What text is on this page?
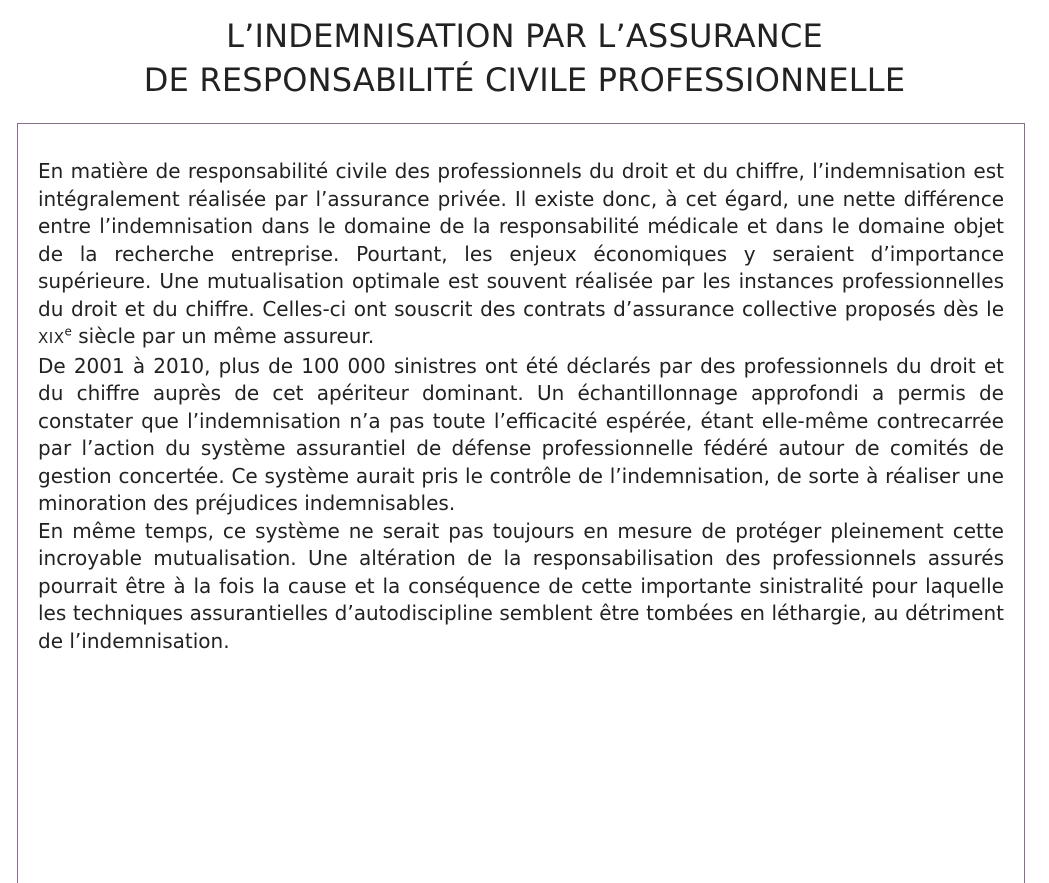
L’INDEMNISATION PAR L’ASSURANCE
DE RESPONSABILITÉ CIVILE PROFESSIONNELLE

En matière de responsabilité civile des professionnels du droit et du chiffre, l’indemnisation est intégralement réalisée par l’assurance privée. Il existe donc, à cet égard, une nette différence entre l’indemnisation dans le domaine de la responsabilité médicale et dans le domaine objet de la recherche entreprise. Pourtant, les enjeux économiques y seraient d’importance supérieure. Une mutualisation optimale est souvent réalisée par les instances professionnelles du droit et du chiffre. Celles-ci ont souscrit des contrats d’assurance collective proposés dès le XIXe siècle par un même assureur.

De 2001 à 2010, plus de 100 000 sinistres ont été déclarés par des professionnels du droit et du chiffre auprès de cet apériteur dominant. Un échantillonnage approfondi a permis de constater que l’indemnisation n’a pas toute l’efficacité espérée, étant elle-même contrecarrée par l’action du système assurantiel de défense professionnelle fédéré autour de comités de gestion concertée. Ce système aurait pris le contrôle de l’indemnisation, de sorte à réaliser une minoration des préjudices indemnisables.

En même temps, ce système ne serait pas toujours en mesure de protéger pleinement cette incroyable mutualisation. Une altération de la responsabilisation des professionnels assurés pourrait être à la fois la cause et la conséquence de cette importante sinistralité pour laquelle les techniques assurantielles d’autodiscipline semblent être tombées en léthargie, au détriment de l’indemnisation.
